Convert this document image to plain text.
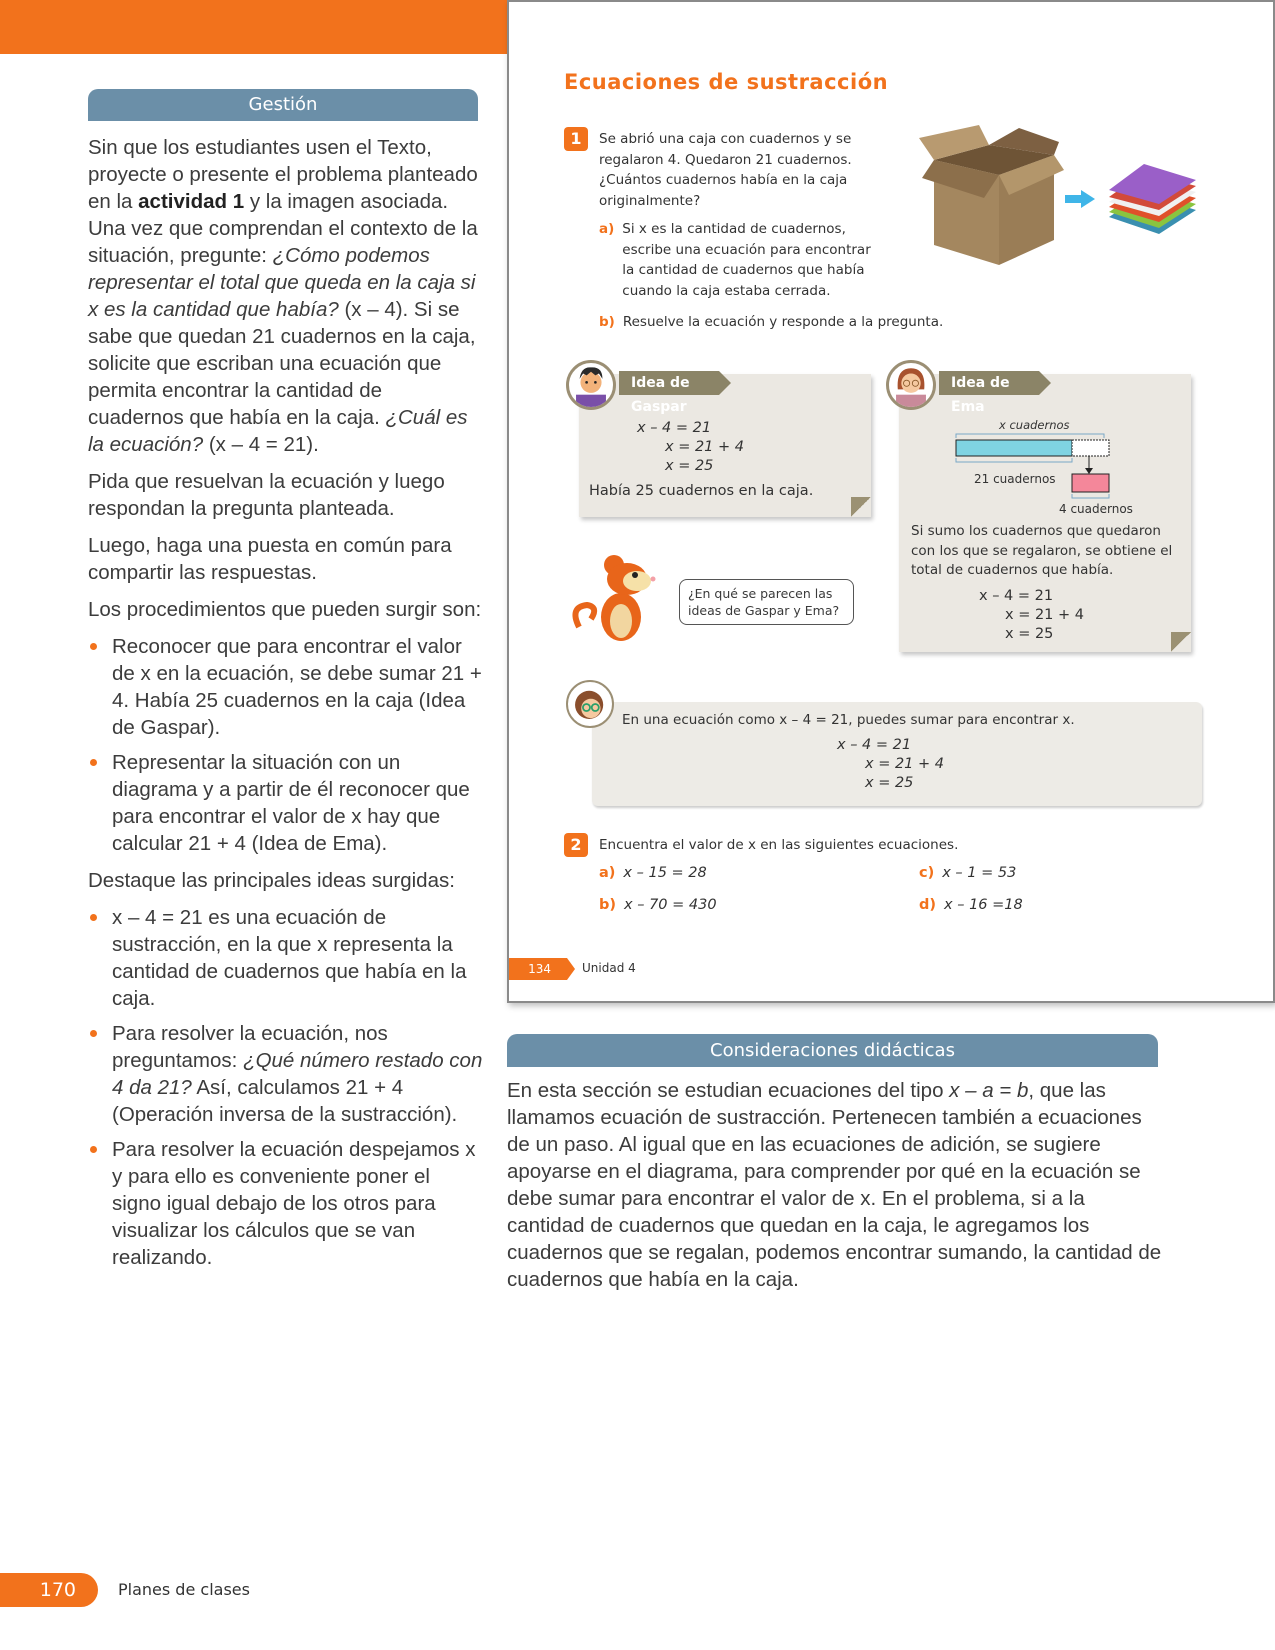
Gestión

Sin que los estudiantes usen el Texto, proyecte o presente el problema planteado en la actividad 1 y la imagen asociada. Una vez que comprendan el contexto de la situación, pregunte: ¿Cómo podemos representar el total que queda en la caja si x es la cantidad que había? (x – 4). Si se sabe que quedan 21 cuadernos en la caja, solicite que escriban una ecuación que permita encontrar la cantidad de cuadernos que había en la caja. ¿Cuál es la ecuación? (x – 4 = 21).

Pida que resuelvan la ecuación y luego respondan la pregunta planteada.

Luego, haga una puesta en común para compartir las respuestas.

Los procedimientos que pueden surgir son:

Reconocer que para encontrar el valor de x en la ecuación, se debe sumar 21 + 4. Había 25 cuadernos en la caja (Idea de Gaspar).
Representar la situación con un diagrama y a partir de él reconocer que para encontrar el valor de x hay que calcular 21 + 4 (Idea de Ema).

Destaque las principales ideas surgidas:

x – 4 = 21 es una ecuación de sustracción, en la que x representa la cantidad de cuadernos que había en la caja.
Para resolver la ecuación, nos preguntamos: ¿Qué número restado con 4 da 21? Así, calculamos 21 + 4 (Operación inversa de la sustracción).
Para resolver la ecuación despejamos x y para ello es conveniente poner el signo igual debajo de los otros para visualizar los cálculos que se van realizando.
Ecuaciones de sustracción
1	Se abrió una caja con cuadernos y se regalaron 4. Quedaron 21 cuadernos. ¿Cuántos cuadernos había en la caja originalmente?
a) Si x es la cantidad de cuadernos, escribe una ecuación para encontrar la cantidad de cuadernos que había cuando la caja estaba cerrada.
b) Resuelve la ecuación y responde a la pregunta.
x – 4 = 21
x = 21 + 4
x = 25
Había 25 cuadernos en la caja.
Idea de Gaspar
x cuadernos
21 cuadernos
4 cuadernos
Si sumo los cuadernos que quedaron con los que se regalaron, se obtiene el total de cuadernos que había.
x – 4 = 21
x = 21 + 4
x = 25
Idea de Ema
¿En qué se parecen las ideas de Gaspar y Ema?
En una ecuación como x – 4 = 21, puedes sumar para encontrar x.
x – 4 = 21
x = 21 + 4
x = 25
2	Encuentra el valor de x en las siguientes ecuaciones.
a) x – 15 = 28
b) x – 70 = 430
c) x – 1 = 53
d) x – 16 =18
134	Unidad 4
Consideraciones didácticas
En esta sección se estudian ecuaciones del tipo x – a = b, que las llamamos ecuación de sustracción. Pertenecen también a ecuaciones de un paso. Al igual que en las ecuaciones de adición, se sugiere apoyarse en el diagrama, para comprender por qué en la ecuación se debe sumar para encontrar el valor de x. En el problema, si a la cantidad de cuadernos que quedan en la caja, le agregamos los cuadernos que se regalan, podemos encontrar sumando, la cantidad de cuadernos que había en la caja.
170	Planes de clases
